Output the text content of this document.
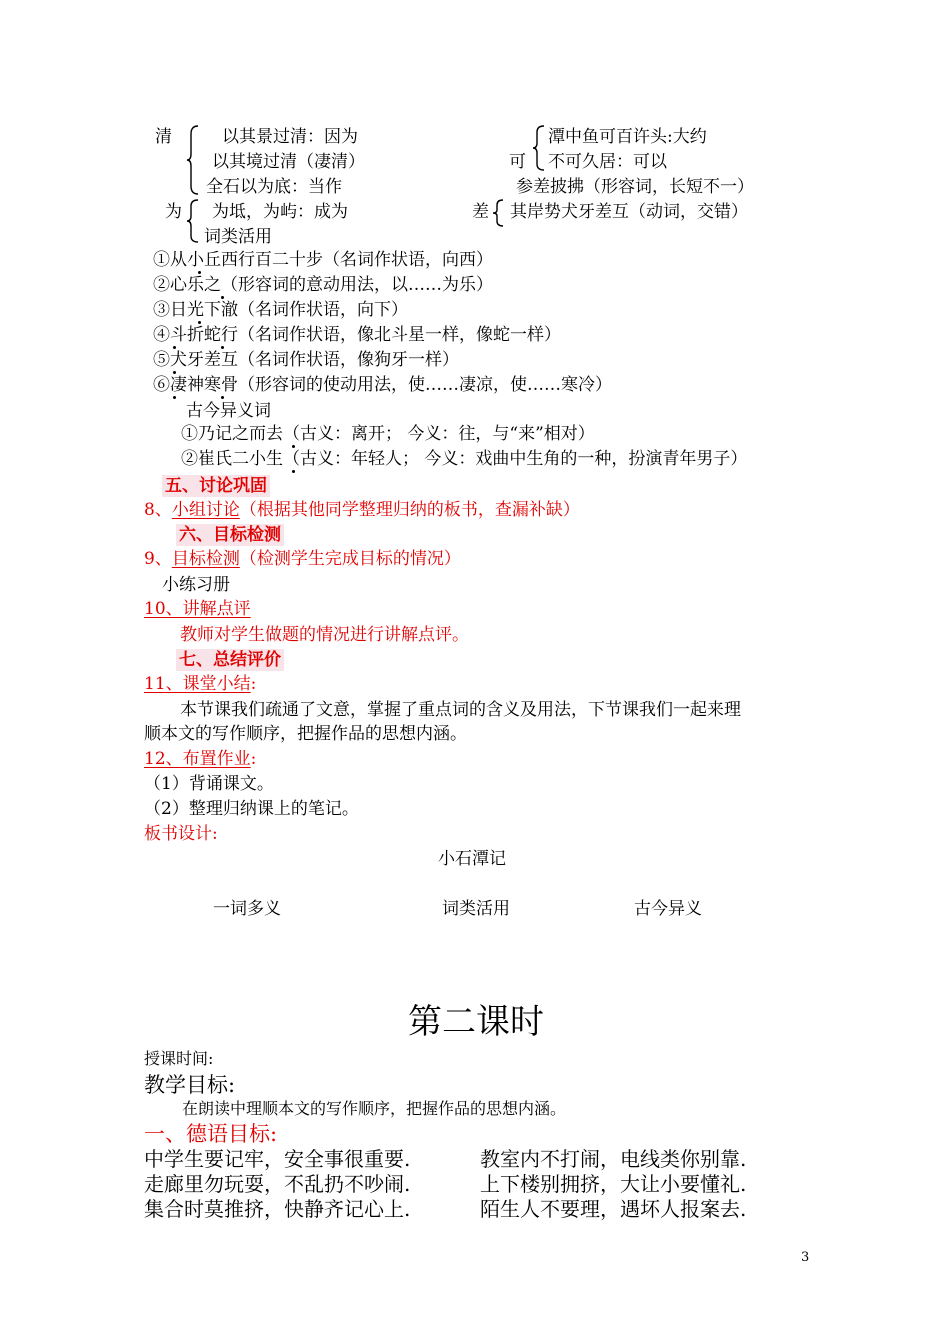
清	以其景过清：因为
以其境过清（凄清）
全石以为底：当作
为 为坻，为屿：成为
可
潭中鱼可百许头:大约
不可久居：可以
参差披拂（形容词，长短不一）
差 其岸势犬牙差互（动词，交错）
词类活用
①从小丘西行百二十步（名词作状语，向西）
②心乐之（形容词的意动用法，以……为乐）
③日光下澈（名词作状语，向下）
④斗折蛇行（名词作状语，像北斗星一样，像蛇一样）
⑤犬牙差互（名词作状语，像狗牙一样）
⑥凄神寒骨（形容词的使动用法，使……凄凉，使……寒冷）
古今异义词
①乃记之而去（古义：离开； 今义：往，与“来”相对）
②崔氏二小生（古义：年轻人； 今义：戏曲中生角的一种，扮演青年男子）
五、讨论巩固
8、小组讨论（根据其他同学整理归纳的板书，查漏补缺）
六、目标检测
9、目标检测（检测学生完成目标的情况）
小练习册
10、讲解点评
教师对学生做题的情况进行讲解点评。
七、总结评价
11、课堂小结:
本节课我们疏通了文意，掌握了重点词的含义及用法，下节课我们一起来理
顺本文的写作顺序，把握作品的思想内涵。
12、布置作业:
（1）背诵课文。
（2）整理归纳课上的笔记。
板书设计:
小石潭记
一词多义	词类活用	古今异义
第二课时
授课时间:
教学目标:
在朗读中理顺本文的写作顺序，把握作品的思想内涵。
一、德语目标:
中学生要记牢，安全事很重要.	教室内不打闹，电线类你别靠.
走廊里勿玩耍，不乱扔不吵闹.	上下楼别拥挤，大让小要懂礼.
集合时莫推挤，快静齐记心上.	陌生人不要理，遇坏人报案去.
3
